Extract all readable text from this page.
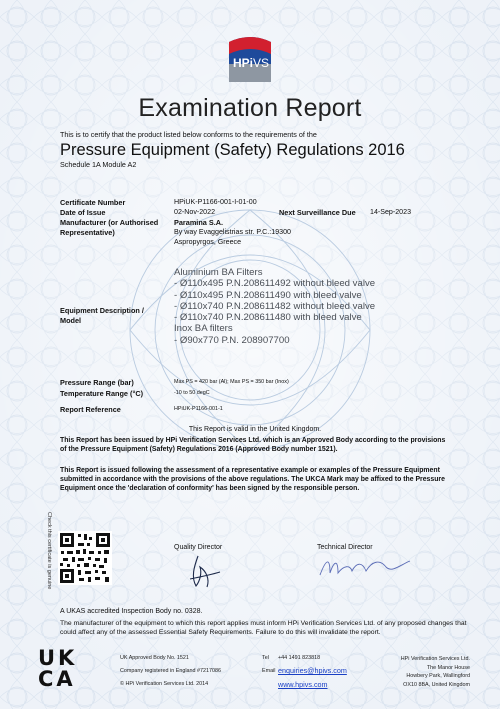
HPiVS
Examination Report
This is to certify that the product listed below conforms to the requirements of the
Pressure Equipment (Safety) Regulations 2016
Schedule 1A Module A2
Certificate Number	HPiUK-P1166-001-I-01-00
Date of Issue	02-Nov-2022	Next Surveillance Due 14-Sep-2023
Manufacturer (or Authorised
Representative)
Paramina S.A.
By way Evaggelistrias str. P.C.:19300
Aspropyrgos, Greece
Equipment Description /
Model
Aluminium BA Filters
- Ø110x495 P.N.208611492 without bleed valve
- Ø110x495 P.N.208611490 with bleed valve
- Ø110x740 P.N.208611482 without bleed valve
- Ø110x740 P.N.208611480 with bleed valve
Inox BA filters
- Ø90x770 P.N. 208907700
Pressure Range (bar)	Max PS = 420 bar (Al); Max PS = 350 bar (Inox)
Temperature Range (°C)	-10 to 50 degC
Report Reference	HPiUK-P1166-001-1
This Report is valid in the United Kingdom.
This Report has been issued by HPi Verification Services Ltd. which is an Approved Body according to the provisions of the Pressure Equipment (Safety) Regulations 2016 (Approved Body number 1521).
This Report is issued following the assessment of a representative example or examples of the Pressure Equipment submitted in accordance with the provisions of the above regulations. The UKCA Mark may be affixed to the Pressure Equipment once the 'declaration of conformity' has been signed by the responsible person.
Check this certificate is genuine	Quality Director	Technical Director
A UKAS accredited Inspection Body no. 0328.
The manufacturer of the equipment to which this report applies must inform HPi Verification Services Ltd. of any proposed changes that could affect any of the assessed Essential Safety Requirements. Failure to do this will invalidate the report.
UK
CA
UK Approved Body No. 1521
Company registered in England #7217086
© HPi Verification Services Ltd. 2014
Tel +44 1491 823818
Email enquiries@hpivs.com
www.hpivs.com
HPi Verification Services Ltd.
The Manor House
Howbery Park, Wallingford
OX10 8BA, United Kingdom
